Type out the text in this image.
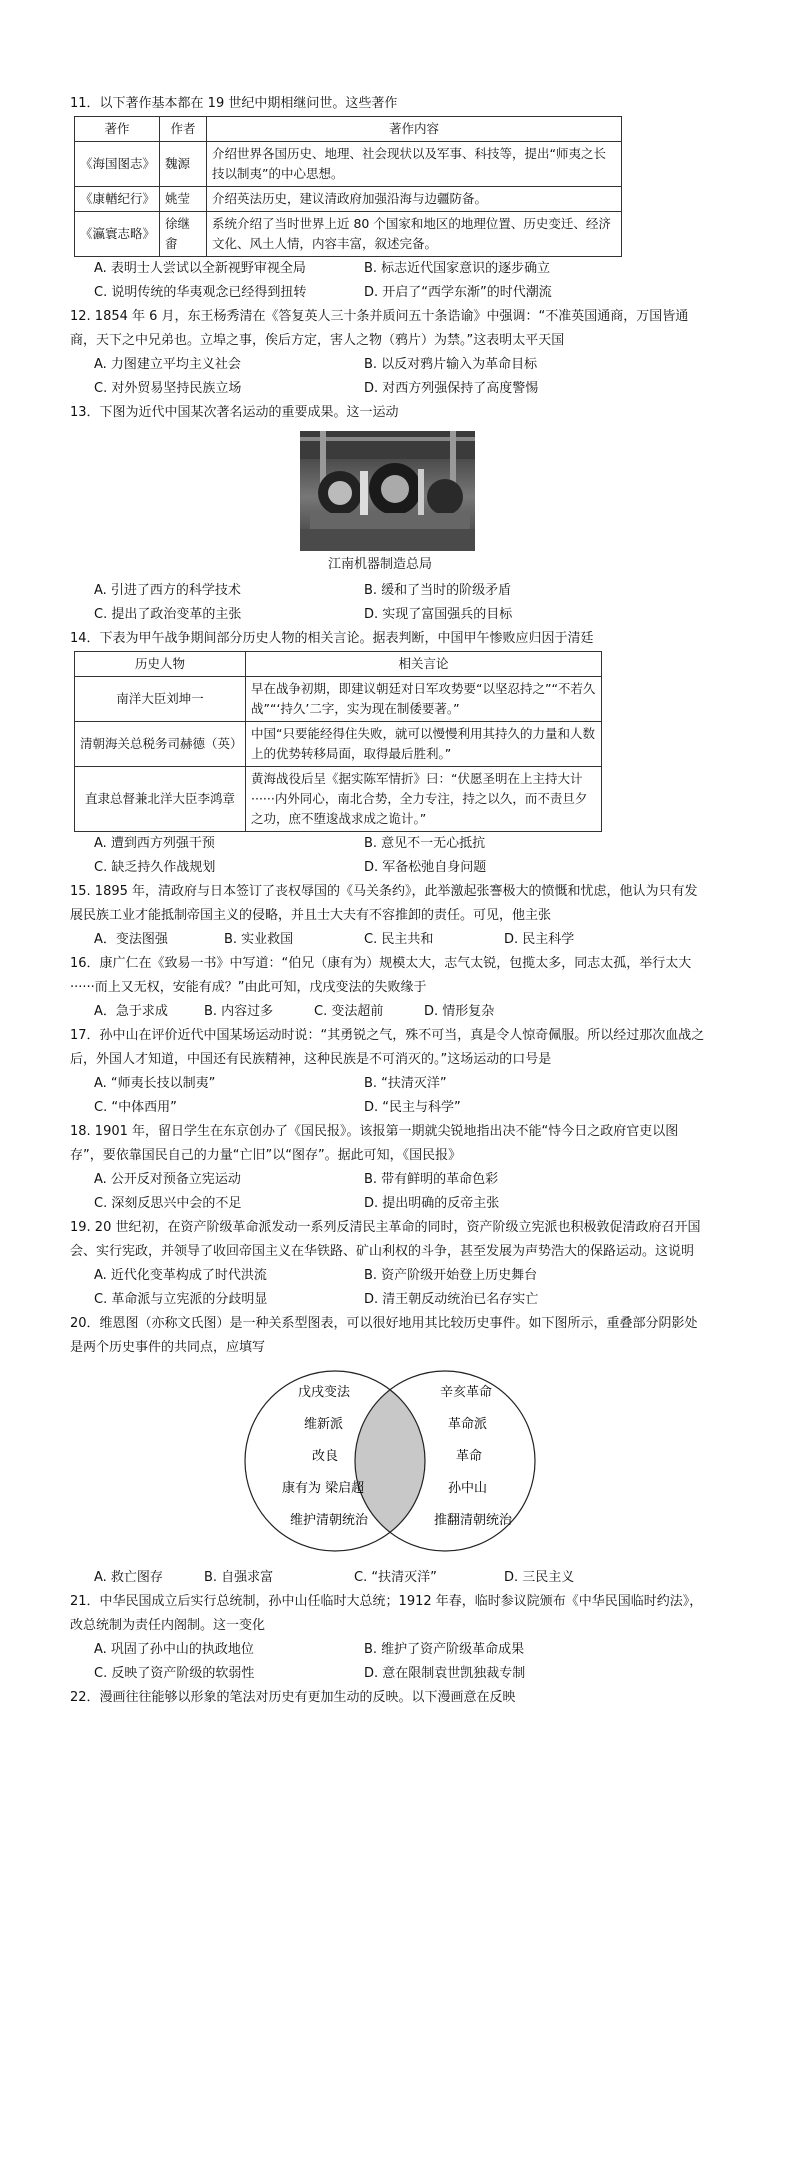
11．以下著作基本都在 19 世纪中期相继问世。这些著作

著作	作者	著作内容
《海国图志》	魏源	介绍世界各国历史、地理、社会现状以及军事、科技等，提出“师夷之长技以制夷”的中心思想。
《康輶纪行》	姚莹	介绍英法历史，建议清政府加强沿海与边疆防备。
《瀛寰志略》	徐继畬	系统介绍了当时世界上近 80 个国家和地区的地理位置、历史变迁、经济文化、风土人情，内容丰富，叙述完备。
A. 表明士人尝试以全新视野审视全局	B. 标志近代国家意识的逐步确立
C. 说明传统的华夷观念已经得到扭转	D. 开启了“西学东渐”的时代潮流

12. 1854 年 6 月，东王杨秀清在《答复英人三十条并质问五十条诰谕》中强调：“不准英国通商，万国皆通商，天下之中兄弟也。立埠之事，俟后方定，害人之物（鸦片）为禁。”这表明太平天国

A. 力图建立平均主义社会	B. 以反对鸦片输入为革命目标
C. 对外贸易坚持民族立场	D. 对西方列强保持了高度警惕

13．下图为近代中国某次著名运动的重要成果。这一运动

江南机器制造总局
A. 引进了西方的科学技术	B. 缓和了当时的阶级矛盾
C. 提出了政治变革的主张	D. 实现了富国强兵的目标

14．下表为甲午战争期间部分历史人物的相关言论。据表判断，中国甲午惨败应归因于清廷

历史人物	相关言论
南洋大臣刘坤一	早在战争初期，即建议朝廷对日军攻势要“以坚忍持之”“不若久战”“‘持久’二字，实为现在制倭要著。”
清朝海关总税务司赫德（英）	中国“只要能经得住失败，就可以慢慢利用其持久的力量和人数上的优势转移局面，取得最后胜利。”
直隶总督兼北洋大臣李鸿章	黄海战役后呈《据实陈军情折》曰：“伏愿圣明在上主持大计······内外同心，南北合势，全力专注，持之以久，而不责旦夕之功，庶不堕逡战求成之诡计。”
A. 遭到西方列强干预	B. 意见不一无心抵抗
C. 缺乏持久作战规划	D. 军备松弛自身问题

15. 1895 年，清政府与日本签订了丧权辱国的《马关条约》，此举激起张謇极大的愤慨和忧虑，他认为只有发展民族工业才能抵制帝国主义的侵略，并且士大夫有不容推卸的责任。可见，他主张

A．变法图强	B. 实业救国	C. 民主共和	D. 民主科学

16．康广仁在《致易一书》中写道：“伯兄（康有为）规模太大，志气太锐，包揽太多，同志太孤，举行太大······而上又无权，安能有成？”由此可知，戊戌变法的失败缘于

A．急于求成	B. 内容过多	C. 变法超前	D. 情形复杂

17．孙中山在评价近代中国某场运动时说：“其勇锐之气，殊不可当，真是令人惊奇佩服。所以经过那次血战之后，外国人才知道，中国还有民族精神，这种民族是不可消灭的。”这场运动的口号是

A. “师夷长技以制夷”	B. “扶清灭洋”
C. “中体西用”	D. “民主与科学”

18. 1901 年，留日学生在东京创办了《国民报》。该报第一期就尖锐地指出决不能“恃今日之政府官吏以图存”，要依靠国民自己的力量“亡旧”以“图存”。据此可知，《国民报》

A. 公开反对预备立宪运动	B. 带有鲜明的革命色彩
C. 深刻反思兴中会的不足	D. 提出明确的反帝主张

19. 20 世纪初，在资产阶级革命派发动一系列反清民主革命的同时，资产阶级立宪派也积极敦促清政府召开国会、实行宪政，并领导了收回帝国主义在华铁路、矿山利权的斗争，甚至发展为声势浩大的保路运动。这说明

A. 近代化变革构成了时代洪流	B. 资产阶级开始登上历史舞台
C. 革命派与立宪派的分歧明显	D. 清王朝反动统治已名存实亡

20．维恩图（亦称文氏图）是一种关系型图表，可以很好地用其比较历史事件。如下图所示，重叠部分阴影处是两个历史事件的共同点，应填写

戊戌变法
维新派
改良
康有为 梁启超
维护清朝统治
辛亥革命
革命派
革命
孙中山
推翻清朝统治
A. 救亡图存	B. 自强求富	C. “扶清灭洋”	D. 三民主义

21．中华民国成立后实行总统制，孙中山任临时大总统；1912 年春，临时参议院颁布《中华民国临时约法》，改总统制为责任内阁制。这一变化

A. 巩固了孙中山的执政地位	B. 维护了资产阶级革命成果
C. 反映了资产阶级的软弱性	D. 意在限制袁世凯独裁专制

22．漫画往往能够以形象的笔法对历史有更加生动的反映。以下漫画意在反映
